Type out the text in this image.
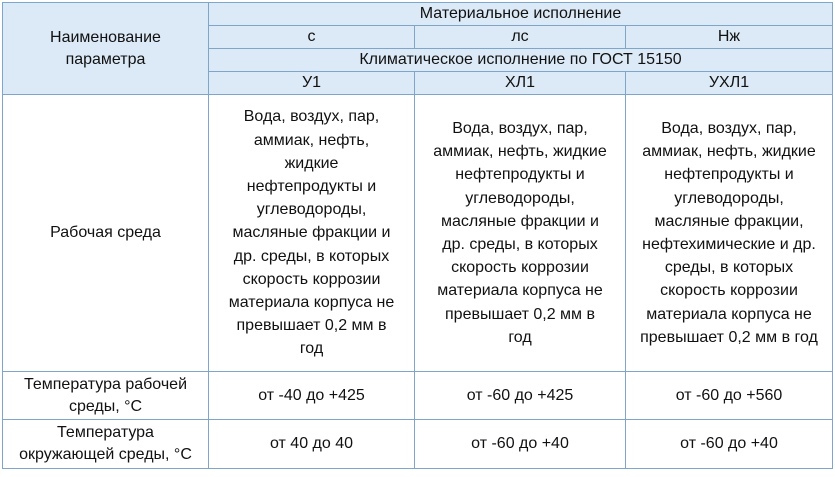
Наименование параметра	Материальное исполнение		
	с	лс	Нж
	Климатическое исполнение по ГОСТ 15150		
	У1	ХЛ1	УХЛ1
Рабочая среда	Вода, воздух, пар, аммиак, нефть, жидкие нефтепродукты и углеводороды, масляные фракции и др. среды, в которых скорость коррозии материала корпуса не превышает 0,2 мм в год	Вода, воздух, пар, аммиак, нефть, жидкие нефтепродукты и углеводороды, масляные фракции и др. среды, в которых скорость коррозии материала корпуса не превышает 0,2 мм в год	Вода, воздух, пар, аммиак, нефть, жидкие нефтепродукты и углеводороды, масляные фракции, нефтехимические и др. среды, в которых скорость коррозии материала корпуса не превышает 0,2 мм в год

Температура рабочей среды, °С	от -40 до +425	от -60 до +425	от -60 до +560

Температура окружающей среды, °С	от 40 до 40	от -60 до +40	от -60 до +40
